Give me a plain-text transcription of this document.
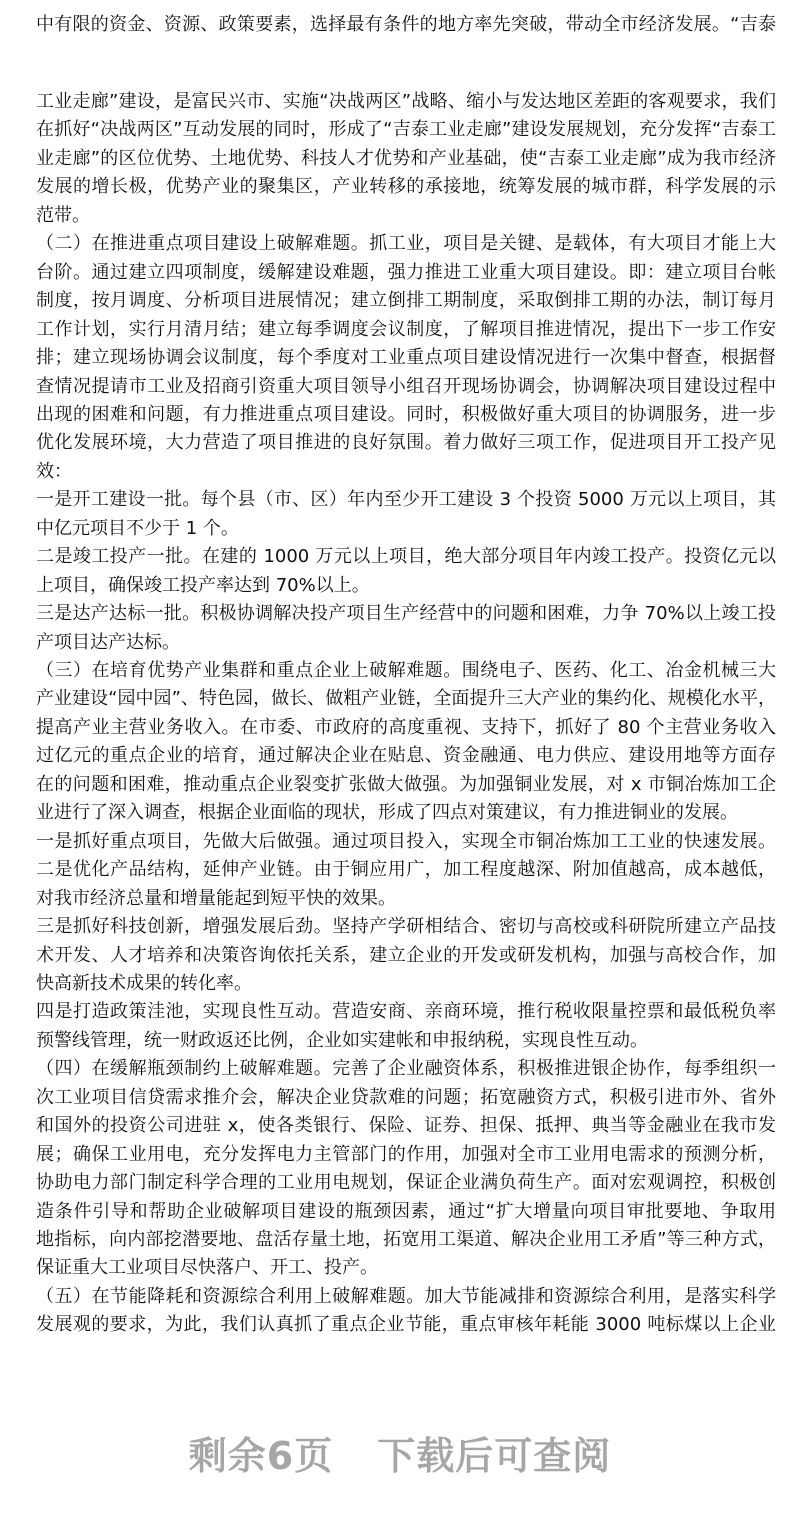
中有限的资金、资源、政策要素，选择最有条件的地方率先突破，带动全市经济发展。“吉泰
工业走廊”建设，是富民兴市、实施“决战两区”战略、缩小与发达地区差距的客观要求，我们
在抓好“决战两区”互动发展的同时，形成了“吉泰工业走廊”建设发展规划，充分发挥“吉泰工
业走廊”的区位优势、土地优势、科技人才优势和产业基础，使“吉泰工业走廊”成为我市经济
发展的增长极，优势产业的聚集区，产业转移的承接地，统筹发展的城市群，科学发展的示
范带。
（二）在推进重点项目建设上破解难题。抓工业，项目是关键、是载体，有大项目才能上大
台阶。通过建立四项制度，缓解建设难题，强力推进工业重大项目建设。即：建立项目台帐
制度，按月调度、分析项目进展情况；建立倒排工期制度，采取倒排工期的办法，制订每月
工作计划，实行月清月结；建立每季调度会议制度，了解项目推进情况，提出下一步工作安
排；建立现场协调会议制度，每个季度对工业重点项目建设情况进行一次集中督查，根据督
查情况提请市工业及招商引资重大项目领导小组召开现场协调会，协调解决项目建设过程中
出现的困难和问题，有力推进重点项目建设。同时，积极做好重大项目的协调服务，进一步
优化发展环境，大力营造了项目推进的良好氛围。着力做好三项工作，促进项目开工投产见
效：
一是开工建设一批。每个县（市、区）年内至少开工建设 3 个投资 5000 万元以上项目，其
中亿元项目不少于 1 个。
二是竣工投产一批。在建的 1000 万元以上项目，绝大部分项目年内竣工投产。投资亿元以
上项目，确保竣工投产率达到 70%以上。
三是达产达标一批。积极协调解决投产项目生产经营中的问题和困难，力争 70%以上竣工投
产项目达产达标。
（三）在培育优势产业集群和重点企业上破解难题。围绕电子、医药、化工、冶金机械三大
产业建设“园中园”、特色园，做长、做粗产业链，全面提升三大产业的集约化、规模化水平，
提高产业主营业务收入。在市委、市政府的高度重视、支持下，抓好了 80 个主营业务收入
过亿元的重点企业的培育，通过解决企业在贴息、资金融通、电力供应、建设用地等方面存
在的问题和困难，推动重点企业裂变扩张做大做强。为加强铜业发展，对 x 市铜冶炼加工企
业进行了深入调查，根据企业面临的现状，形成了四点对策建议，有力推进铜业的发展。
一是抓好重点项目，先做大后做强。通过项目投入，实现全市铜冶炼加工工业的快速发展。
二是优化产品结构，延伸产业链。由于铜应用广，加工程度越深、附加值越高，成本越低，
对我市经济总量和增量能起到短平快的效果。
三是抓好科技创新，增强发展后劲。坚持产学研相结合、密切与高校或科研院所建立产品技
术开发、人才培养和决策咨询依托关系，建立企业的开发或研发机构，加强与高校合作，加
快高新技术成果的转化率。
四是打造政策洼池，实现良性互动。营造安商、亲商环境，推行税收限量控票和最低税负率
预警线管理，统一财政返还比例，企业如实建帐和申报纳税，实现良性互动。
（四）在缓解瓶颈制约上破解难题。完善了企业融资体系，积极推进银企协作，每季组织一
次工业项目信贷需求推介会，解决企业贷款难的问题；拓宽融资方式，积极引进市外、省外
和国外的投资公司进驻 x，使各类银行、保险、证券、担保、抵押、典当等金融业在我市发
展；确保工业用电，充分发挥电力主管部门的作用，加强对全市工业用电需求的预测分析，
协助电力部门制定科学合理的工业用电规划，保证企业满负荷生产。面对宏观调控，积极创
造条件引导和帮助企业破解项目建设的瓶颈因素，通过“扩大增量向项目审批要地、争取用
地指标，向内部挖潜要地、盘活存量土地，拓宽用工渠道、解决企业用工矛盾”等三种方式，
保证重大工业项目尽快落户、开工、投产。
（五）在节能降耗和资源综合利用上破解难题。加大节能减排和资源综合利用，是落实科学
发展观的要求，为此，我们认真抓了重点企业节能，重点审核年耗能 3000 吨标煤以上企业
剩余6页 下载后可查阅
